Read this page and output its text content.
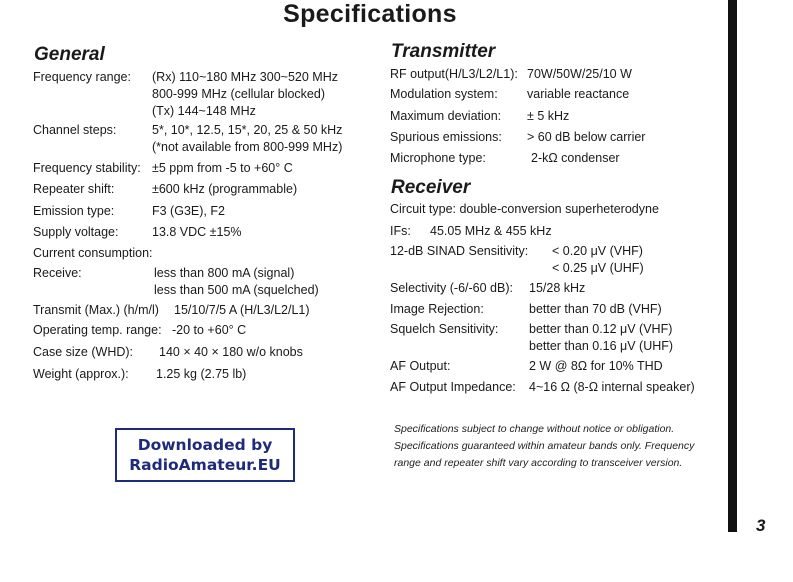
Specifications
General
Frequency range: (Rx) 110~180 MHz 300~520 MHz
800-999 MHz (cellular blocked)
(Tx) 144~148 MHz
Channel steps:	5*, 10*, 12.5, 15*, 20, 25 & 50 kHz
(*not available from 800-999 MHz)
Frequency stability: ±5 ppm from -5 to +60° C
Repeater shift:	±600 kHz (programmable)
Emission type:	F3 (G3E), F2
Supply voltage:	13.8 VDC ±15%
Current consumption:
Receive:	less than 800 mA (signal)
less than 500 mA (squelched)
Transmit (Max.) (h/m/l) 15/10/7/5 A (H/L3/L2/L1)
Operating temp. range: -20 to +60° C
Case size (WHD): 140 × 40 × 180 w/o knobs
Weight (approx.): 1.25 kg (2.75 lb)
Transmitter
RF output(H/L3/L2/L1): 70W/50W/25/10 W
Modulation system: variable reactance
Maximum deviation: ± 5 kHz
Spurious emissions: > 60 dB below carrier
Microphone type:	2-kΩ condenser
Receiver
Circuit type: double-conversion superheterodyne
IFs: 45.05 MHz & 455 kHz
12-dB SINAD Sensitivity: < 0.20 μV (VHF)
< 0.25 μV (UHF)
Selectivity (-6/-60 dB): 15/28 kHz
Image Rejection:	better than 70 dB (VHF)
Squelch Sensitivity: better than 0.12 μV (VHF)
better than 0.16 μV (UHF)
AF Output:	2 W @ 8Ω for 10% THD
AF Output Impedance: 4~16 Ω (8-Ω internal speaker)
Downloaded by
RadioAmateur.EU
Specifications subject to change without notice or obligation. Specifications guaranteed within amateur bands only. Frequency range and repeater shift vary according to transceiver version.
3
